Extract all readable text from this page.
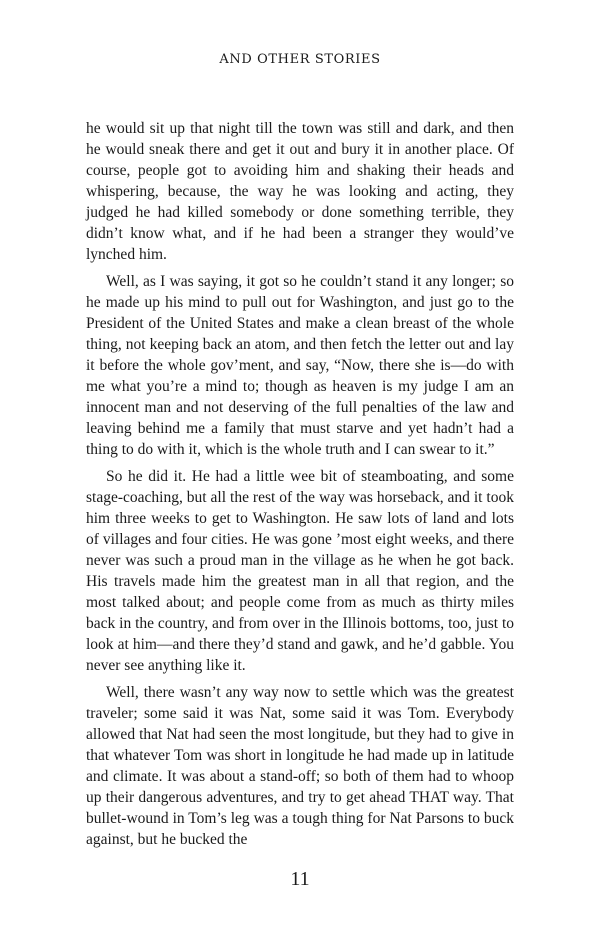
AND OTHER STORIES

he would sit up that night till the town was still and dark, and then he would sneak there and get it out and bury it in another place. Of course, people got to avoiding him and shaking their heads and whispering, because, the way he was looking and acting, they judged he had killed somebody or done something terrible, they didn’t know what, and if he had been a stranger they would’ve lynched him.

Well, as I was saying, it got so he couldn’t stand it any longer; so he made up his mind to pull out for Washington, and just go to the President of the United States and make a clean breast of the whole thing, not keeping back an atom, and then fetch the letter out and lay it before the whole gov’ment, and say, “Now, there she is—do with me what you’re a mind to; though as heaven is my judge I am an innocent man and not deserving of the full penalties of the law and leaving behind me a family that must starve and yet hadn’t had a thing to do with it, which is the whole truth and I can swear to it.”

So he did it. He had a little wee bit of steamboating, and some stage-coaching, but all the rest of the way was horseback, and it took him three weeks to get to Washington. He saw lots of land and lots of villages and four cities. He was gone ’most eight weeks, and there never was such a proud man in the village as he when he got back. His travels made him the greatest man in all that region, and the most talked about; and people come from as much as thirty miles back in the country, and from over in the Illinois bottoms, too, just to look at him—and there they’d stand and gawk, and he’d gabble. You never see anything like it.

Well, there wasn’t any way now to settle which was the greatest traveler; some said it was Nat, some said it was Tom. Everybody allowed that Nat had seen the most longitude, but they had to give in that whatever Tom was short in longitude he had made up in latitude and climate. It was about a stand-off; so both of them had to whoop up their dangerous adventures, and try to get ahead THAT way. That bullet-wound in Tom’s leg was a tough thing for Nat Parsons to buck against, but he bucked the

11
